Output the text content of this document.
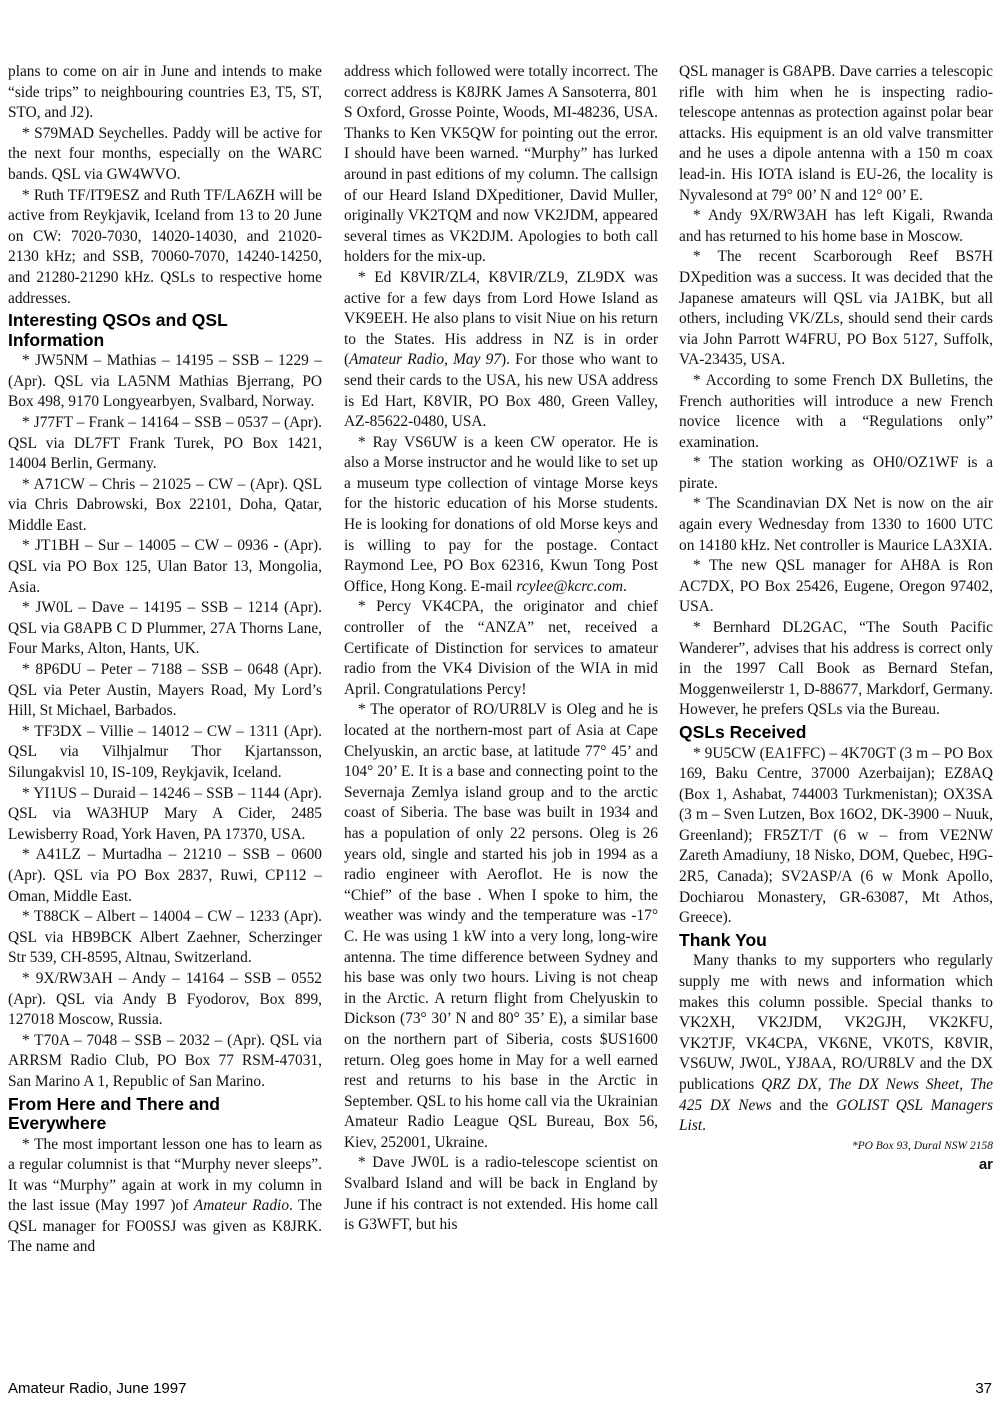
plans to come on air in June and intends to make “side trips” to neighbouring countries E3, T5, ST, STO, and J2).

* S79MAD Seychelles. Paddy will be active for the next four months, especially on the WARC bands. QSL via GW4WVO.

* Ruth TF/IT9ESZ and Ruth TF/LA6ZH will be active from Reykjavik, Iceland from 13 to 20 June on CW: 7020-7030, 14020-14030, and 21020-2130 kHz; and SSB, 70060-7070, 14240-14250, and 21280-21290 kHz. QSLs to respective home addresses.

Interesting QSOs and QSL Information

* JW5NM – Mathias – 14195 – SSB – 1229 – (Apr). QSL via LA5NM Mathias Bjerrang, PO Box 498, 9170 Longyearbyen, Svalbard, Norway.

* J77FT – Frank – 14164 – SSB – 0537 – (Apr). QSL via DL7FT Frank Turek, PO Box 1421, 14004 Berlin, Germany.

* A71CW – Chris – 21025 – CW – (Apr). QSL via Chris Dabrowski, Box 22101, Doha, Qatar, Middle East.

* JT1BH – Sur – 14005 – CW – 0936 - (Apr). QSL via PO Box 125, Ulan Bator 13, Mongolia, Asia.

* JW0L – Dave – 14195 – SSB – 1214 (Apr). QSL via G8APB C D Plummer, 27A Thorns Lane, Four Marks, Alton, Hants, UK.

* 8P6DU – Peter – 7188 – SSB – 0648 (Apr). QSL via Peter Austin, Mayers Road, My Lord’s Hill, St Michael, Barbados.

* TF3DX – Villie – 14012 – CW – 1311 (Apr). QSL via Vilhjalmur Thor Kjartansson, Silungakvisl 10, IS-109, Reykjavik, Iceland.

* YI1US – Duraid – 14246 – SSB – 1144 (Apr). QSL via WA3HUP Mary A Cider, 2485 Lewisberry Road, York Haven, PA 17370, USA.

* A41LZ – Murtadha – 21210 – SSB – 0600 (Apr). QSL via PO Box 2837, Ruwi, CP112 – Oman, Middle East.

* T88CK – Albert – 14004 – CW – 1233 (Apr). QSL via HB9BCK Albert Zaehner, Scherzinger Str 539, CH-8595, Altnau, Switzerland.

* 9X/RW3AH – Andy – 14164 – SSB – 0552 (Apr). QSL via Andy B Fyodorov, Box 899, 127018 Moscow, Russia.

* T70A – 7048 – SSB – 2032 – (Apr). QSL via ARRSM Radio Club, PO Box 77 RSM-47031, San Marino A 1, Republic of San Marino.

From Here and There and Everywhere

* The most important lesson one has to learn as a regular columnist is that “Murphy never sleeps”. It was “Murphy” again at work in my column in the last issue (May 1997 )of Amateur Radio. The QSL manager for FO0SSJ was given as K8JRK. The name and

address which followed were totally incorrect. The correct address is K8JRK James A Sansoterra, 801 S Oxford, Grosse Pointe, Woods, MI-48236, USA. Thanks to Ken VK5QW for pointing out the error. I should have been warned. “Murphy” has lurked around in past editions of my column. The callsign of our Heard Island DXpeditioner, David Muller, originally VK2TQM and now VK2JDM, appeared several times as VK2DJM. Apologies to both call holders for the mix-up.

* Ed K8VIR/ZL4, K8VIR/ZL9, ZL9DX was active for a few days from Lord Howe Island as VK9EEH. He also plans to visit Niue on his return to the States. His address in NZ is in order (Amateur Radio, May 97). For those who want to send their cards to the USA, his new USA address is Ed Hart, K8VIR, PO Box 480, Green Valley, AZ-85622-0480, USA.

* Ray VS6UW is a keen CW operator. He is also a Morse instructor and he would like to set up a museum type collection of vintage Morse keys for the historic education of his Morse students. He is looking for donations of old Morse keys and is willing to pay for the postage. Contact Raymond Lee, PO Box 62316, Kwun Tong Post Office, Hong Kong. E-mail rcylee@kcrc.com.

* Percy VK4CPA, the originator and chief controller of the “ANZA” net, received a Certificate of Distinction for services to amateur radio from the VK4 Division of the WIA in mid April. Congratulations Percy!

* The operator of RO/UR8LV is Oleg and he is located at the northern-most part of Asia at Cape Chelyuskin, an arctic base, at latitude 77° 45’ and 104° 20’ E. It is a base and connecting point to the Severnaja Zemlya island group and to the arctic coast of Siberia. The base was built in 1934 and has a population of only 22 persons. Oleg is 26 years old, single and started his job in 1994 as a radio engineer with Aeroflot. He is now the “Chief” of the base . When I spoke to him, the weather was windy and the temperature was -17° C. He was using 1 kW into a very long, long-wire antenna. The time difference between Sydney and his base was only two hours. Living is not cheap in the Arctic. A return flight from Chelyuskin to Dickson (73° 30’ N and 80° 35’ E), a similar base on the northern part of Siberia, costs $US1600 return. Oleg goes home in May for a well earned rest and returns to his base in the Arctic in September. QSL to his home call via the Ukrainian Amateur Radio League QSL Bureau, Box 56, Kiev, 252001, Ukraine.

* Dave JW0L is a radio-telescope scientist on Svalbard Island and will be back in England by June if his contract is not extended. His home call is G3WFT, but his

QSL manager is G8APB. Dave carries a telescopic rifle with him when he is inspecting radio-telescope antennas as protection against polar bear attacks. His equipment is an old valve transmitter and he uses a dipole antenna with a 150 m coax lead-in. His IOTA island is EU-26, the locality is Nyvalesond at 79° 00’ N and 12° 00’ E.

* Andy 9X/RW3AH has left Kigali, Rwanda and has returned to his home base in Moscow.

* The recent Scarborough Reef BS7H DXpedition was a success. It was decided that the Japanese amateurs will QSL via JA1BK, but all others, including VK/ZLs, should send their cards via John Parrott W4FRU, PO Box 5127, Suffolk, VA-23435, USA.

* According to some French DX Bulletins, the French authorities will introduce a new French novice licence with a “Regulations only” examination.

* The station working as OH0/OZ1WF is a pirate.

* The Scandinavian DX Net is now on the air again every Wednesday from 1330 to 1600 UTC on 14180 kHz. Net controller is Maurice LA3XIA.

* The new QSL manager for AH8A is Ron AC7DX, PO Box 25426, Eugene, Oregon 97402, USA.

* Bernhard DL2GAC, “The South Pacific Wanderer”, advises that his address is correct only in the 1997 Call Book as Bernard Stefan, Moggenweilerstr 1, D-88677, Markdorf, Germany. However, he prefers QSLs via the Bureau.

QSLs Received

* 9U5CW (EA1FFC) – 4K70GT (3 m – PO Box 169, Baku Centre, 37000 Azerbaijan); EZ8AQ (Box 1, Ashabat, 744003 Turkmenistan); OX3SA (3 m – Sven Lutzen, Box 16O2, DK-3900 – Nuuk, Greenland); FR5ZT/T (6 w – from VE2NW Zareth Amadiuny, 18 Nisko, DOM, Quebec, H9G-2R5, Canada); SV2ASP/A (6 w Monk Apollo, Dochiarou Monastery, GR-63087, Mt Athos, Greece).

Thank You

Many thanks to my supporters who regularly supply me with news and information which makes this column possible. Special thanks to VK2XH, VK2JDM, VK2GJH, VK2KFU, VK2TJF, VK4CPA, VK6NE, VK0TS, K8VIR, VS6UW, JW0L, YJ8AA, RO/UR8LV and the DX publications QRZ DX, The DX News Sheet, The 425 DX News and the GOLIST QSL Managers List.

*PO Box 93, Dural NSW 2158

ar

Amateur Radio, June 1997	37
